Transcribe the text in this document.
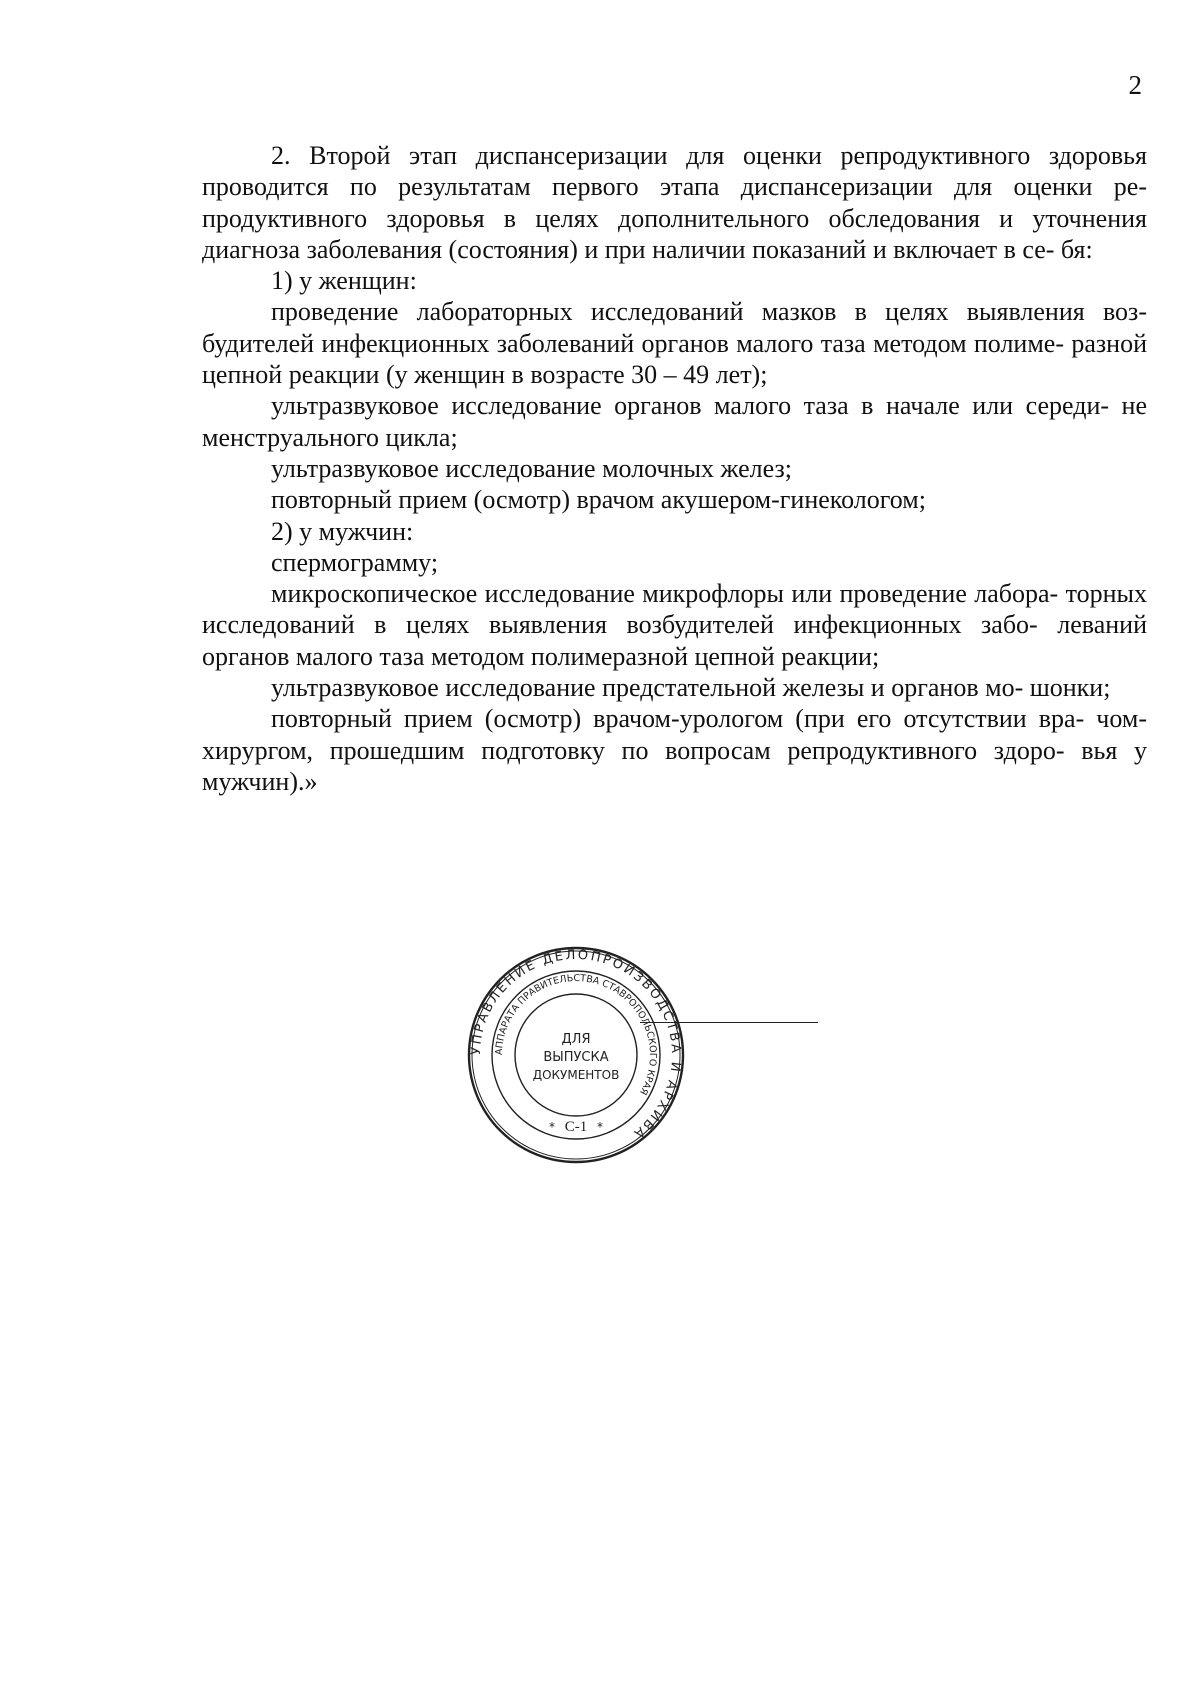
2

2. Второй этап диспансеризации для оценки репродуктивного здоровья проводится по результатам первого этапа диспансеризации для оценки ре- продуктивного здоровья в целях дополнительного обследования и уточнения диагноза заболевания (состояния) и при наличии показаний и включает в се- бя:

1) у женщин:

проведение лабораторных исследований мазков в целях выявления воз- будителей инфекционных заболеваний органов малого таза методом полиме- разной цепной реакции (у женщин в возрасте 30 – 49 лет);

ультразвуковое исследование органов малого таза в начале или середи- не менструального цикла;

ультразвуковое исследование молочных желез;

повторный прием (осмотр) врачом акушером-гинекологом;

2) у мужчин:

спермограмму;

микроскопическое исследование микрофлоры или проведение лабора- торных исследований в целях выявления возбудителей инфекционных забо- леваний органов малого таза методом полимеразной цепной реакции;

ультразвуковое исследование предстательной железы и органов мо- шонки;

повторный прием (осмотр) врачом-урологом (при его отсутствии вра- чом-хирургом, прошедшим подготовку по вопросам репродуктивного здоро- вья у мужчин).»

УПРАВЛЕНИЕ ДЕЛОПРОИЗВОДСТВА И АРХИВА
АППАРАТА ПРАВИТЕЛЬСТВА СТАВРОПОЛЬСКОГО КРАЯ
ДЛЯ
ВЫПУСКА
ДОКУМЕНТОВ
С-1
*	*
